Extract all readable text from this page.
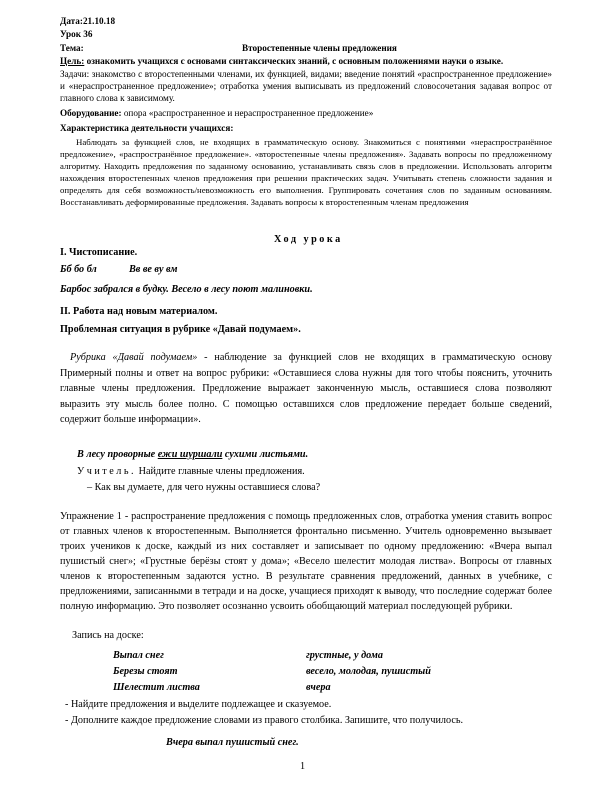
Дата:21.10.18
Урок 36
Тема:	Второстепенные члены предложения
Цель: ознакомить учащихся с основами синтаксических знаний, с основным положениями науки о языке.
Задачи: знакомство с второстепенными членами, их функцией, видами; введение понятий «распространенное предложение» и «нераспространенное предложение»; отработка умения выписывать из предложений словосочетания задавая вопрос от главного слова к зависимому.
Оборудование: опора «распространенное и нераспространенное предложение»
Характеристика деятельности учащихся:
Наблюдать за функцией слов, не входящих в грамматическую основу. Знакомиться с понятиями «нераспространённое предложение», «распространённое предложение». «второстепенные члены предложения». Задавать вопросы по предложенному алгоритму. Находить предложения по заданному основанию, устанавливать связь слов в предложении. Использовать алгоритм нахождения второстепенных членов предложения при решении практических задач. Учитывать степень сложности задания и определять для себя возможность/невозможность его выполнения. Группировать сочетания слов по заданным основаниям. Восстанавливать деформированные предложения. Задавать вопросы к второстепенным членам предложения
Ход урока
I. Чистописание.
Бб бо бл	Вв ве ву вм
Барбос забрался в будку. Весело в лесу поют малиновки.
II. Работа над новым материалом.
Проблемная ситуация в рубрике «Давай подумаем».
Рубрика «Давай подумаем» - наблюдение за функцией слов не входящих в грамматическую основу Примерный полны и ответ на вопрос рубрики: «Оставшиеся слова нужны для того чтобы пояснить, уточнить главные члены предложения. Предложение выражает законченную мысль, оставшиеся слова позволяют выразить эту мысль более полно. С помощью оставшихся слов предложение передает больше сведений, содержит больше информации».
В лесу проворные ежи шуршали сухими листьями.
Учитель. Найдите главные члены предложения.
– Как вы думаете, для чего нужны оставшиеся слова?
Упражнение 1 - распространение предложения с помощь предложенных слов, отработка умения ставить вопрос от главных членов к второстепенным. Выполняется фронтально письменно. Учитель одновременно вызывает троих учеников к доске, каждый из них составляет и записывает по одному предложению: «Вчера выпал пушистый снег»; «Грустные берёзы стоят у дома»; «Весело шелестит молодая листва». Вопросы от главных членов к второстепенным задаются устно. В результате сравнения предложений, данных в учебнике, с предложениями, записанными в тетради и на доске, учащиеся приходят к выводу, что последние содержат более полную информацию. Это позволяет осознанно усвоить обобщающий материал последующей рубрики.
Запись на доске:
Выпал снег
Березы стоят
Шелестит листва
грустные, у дома
весело, молодая, пушистый
вчера
- Найдите предложения и выделите подлежащее и сказуемое.
- Дополните каждое предложение словами из правого столбика. Запишите, что получилось.
Вчера выпал пушистый снег.
1
